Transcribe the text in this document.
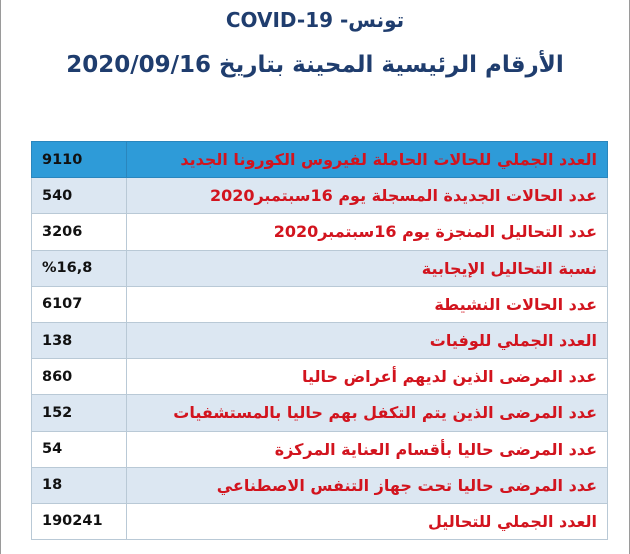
COVID-19 -تونس
الأرقام الرئيسية المحينة بتاريخ 2020/09/16
9110	العدد الجملي للحالات الحاملة لفيروس الكورونا الجديد
540	عدد الحالات الجديدة المسجلة يوم 16سبتمبر2020
3206	عدد التحاليل المنجزة يوم 16سبتمبر2020
%16,8	نسبة التحاليل الإيجابية
6107	عدد الحالات النشيطة
138	العدد الجملي للوفيات
860	عدد المرضى الذين لديهم أعراض حاليا
152	عدد المرضى الذين يتم التكفل بهم حاليا بالمستشفيات
54	عدد المرضى حاليا بأقسام العناية المركزة
18	عدد المرضى حاليا تحت جهاز التنفس الاصطناعي
190241	العدد الجملي للتحاليل
